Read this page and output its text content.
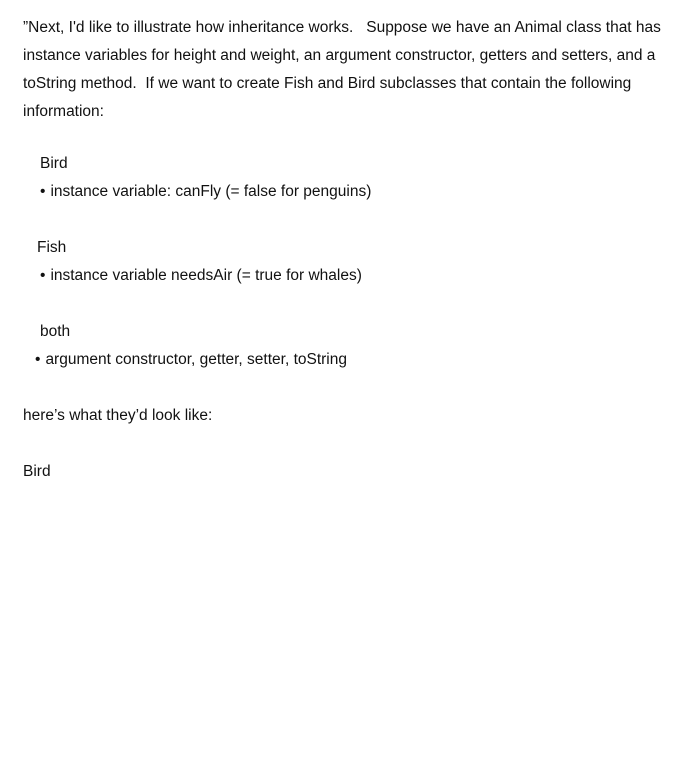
”Next, I'd like to illustrate how inheritance works.   Suppose we have an Animal class that has instance variables for height and weight, an argument constructor, getters and setters, and a toString method.  If we want to create Fish and Bird subclasses that contain the following information:

Bird

• instance variable: canFly (= false for penguins)

Fish

• instance variable needsAir (= true for whales)

both

• argument constructor, getter, setter, toString

here’s what they’d look like:

Bird
